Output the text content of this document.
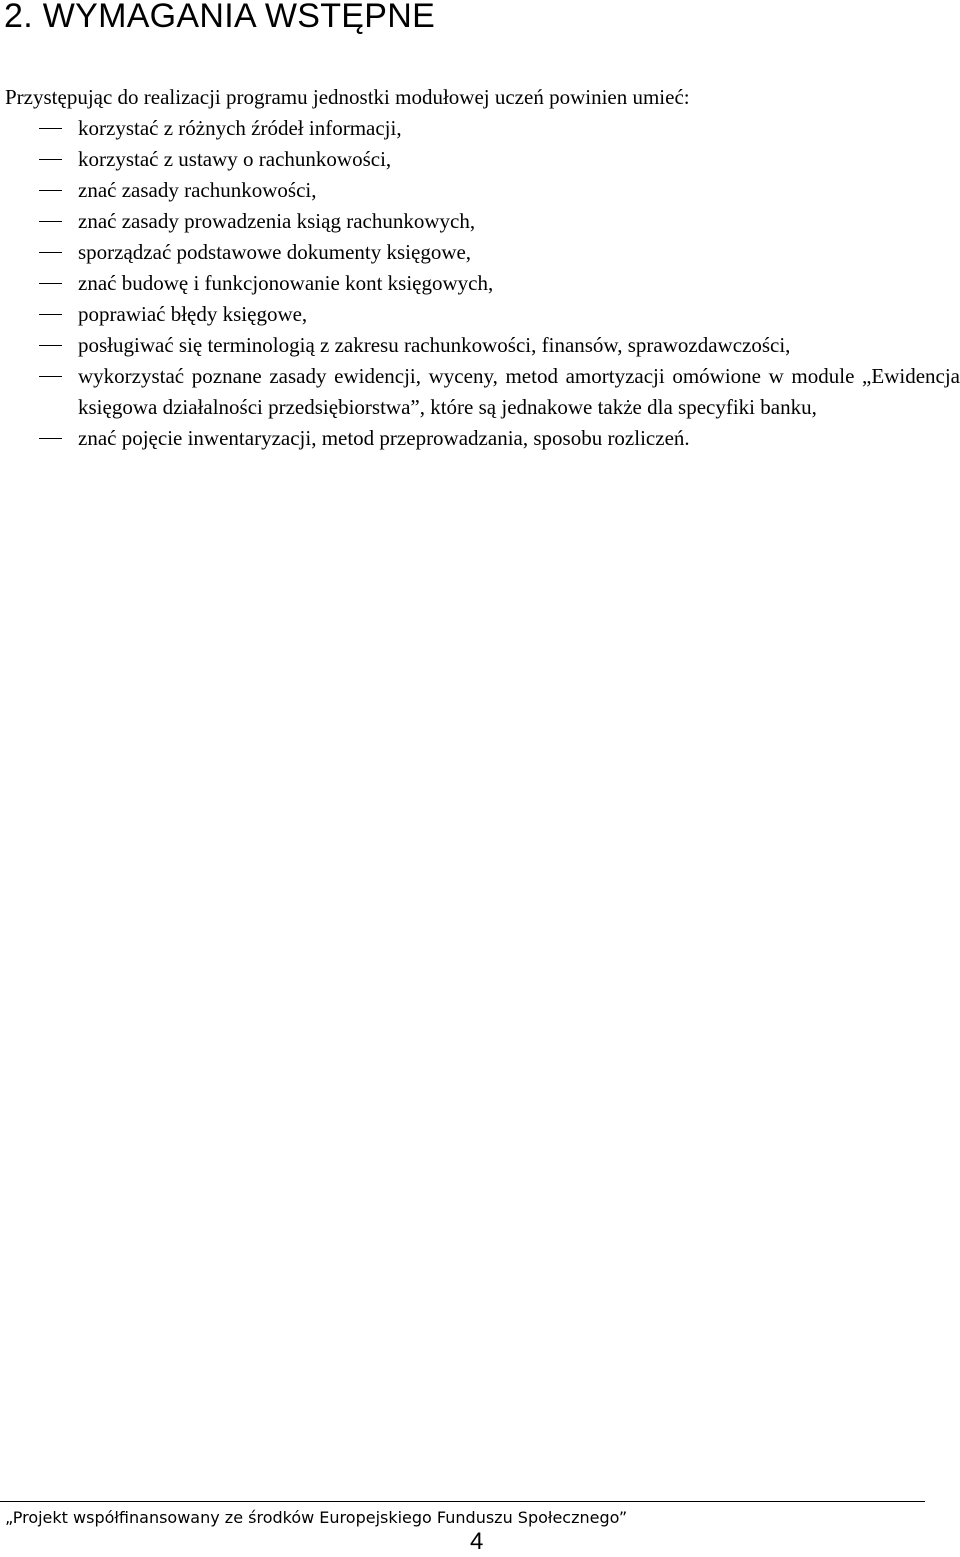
2. WYMAGANIA WSTĘPNE

Przystępując do realizacji programu jednostki modułowej uczeń powinien umieć:

korzystać z różnych źródeł informacji,
korzystać z ustawy o rachunkowości,
znać zasady rachunkowości,
znać zasady prowadzenia ksiąg rachunkowych,
sporządzać podstawowe dokumenty księgowe,
znać budowę i funkcjonowanie kont księgowych,
poprawiać błędy księgowe,
posługiwać się terminologią z zakresu rachunkowości, finansów, sprawozdawczości,
wykorzystać poznane zasady ewidencji, wyceny, metod amortyzacji omówione w module „Ewidencja księgowa działalności przedsiębiorstwa”, które są jednakowe także dla specyfiki banku,
znać pojęcie inwentaryzacji, metod przeprowadzania, sposobu rozliczeń.
„Projekt współfinansowany ze środków Europejskiego Funduszu Społecznego”
4
